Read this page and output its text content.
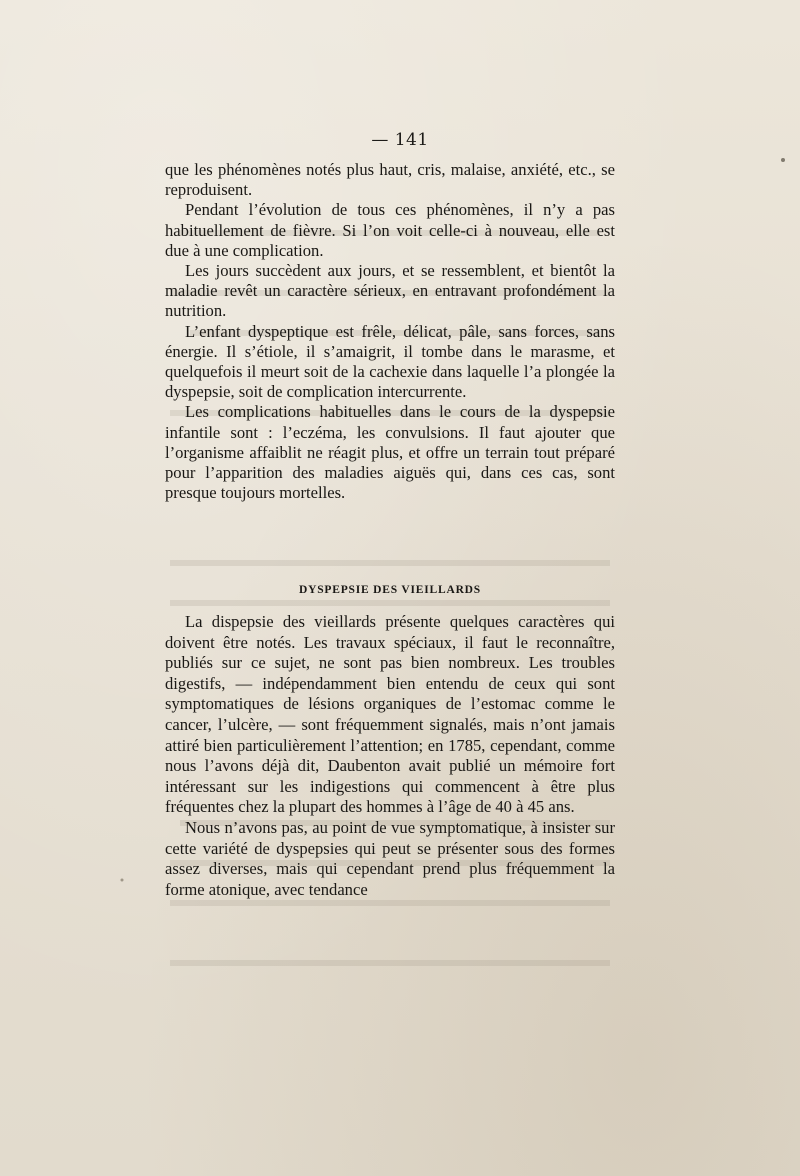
— 141

que les phénomènes notés plus haut, cris, malaise, anxiété, etc., se reproduisent.

Pendant l’évolution de tous ces phénomènes, il n’y a pas habituellement de fièvre. Si l’on voit celle-ci à nouveau, elle est due à une complication.

Les jours succèdent aux jours, et se ressemblent, et bientôt la maladie revêt un caractère sérieux, en entravant profondément la nutrition.

L’enfant dyspeptique est frêle, délicat, pâle, sans forces, sans énergie. Il s’étiole, il s’amaigrit, il tombe dans le marasme, et quelquefois il meurt soit de la cachexie dans laquelle l’a plongée la dyspepsie, soit de complication intercurrente.

Les complications habituelles dans le cours de la dyspepsie infantile sont : l’eczéma, les convulsions. Il faut ajouter que l’organisme affaiblit ne réagit plus, et offre un terrain tout préparé pour l’apparition des maladies aiguës qui, dans ces cas, sont presque toujours mortelles.

DYSPEPSIE DES VIEILLARDS

La dispepsie des vieillards présente quelques caractères qui doivent être notés. Les travaux spéciaux, il faut le reconnaître, publiés sur ce sujet, ne sont pas bien nombreux. Les troubles digestifs, — indépendamment bien entendu de ceux qui sont symptomatiques de lésions organiques de l’estomac comme le cancer, l’ulcère, — sont fréquemment signalés, mais n’ont jamais attiré bien particulièrement l’attention; en 1785, cependant, comme nous l’avons déjà dit, Daubenton avait publié un mémoire fort intéressant sur les indigestions qui commencent à être plus fréquentes chez la plupart des hommes à l’âge de 40 à 45 ans.

Nous n’avons pas, au point de vue symptomatique, à insister sur cette variété de dyspepsies qui peut se présenter sous des formes assez diverses, mais qui cependant prend plus fréquemment la forme atonique, avec tendance
